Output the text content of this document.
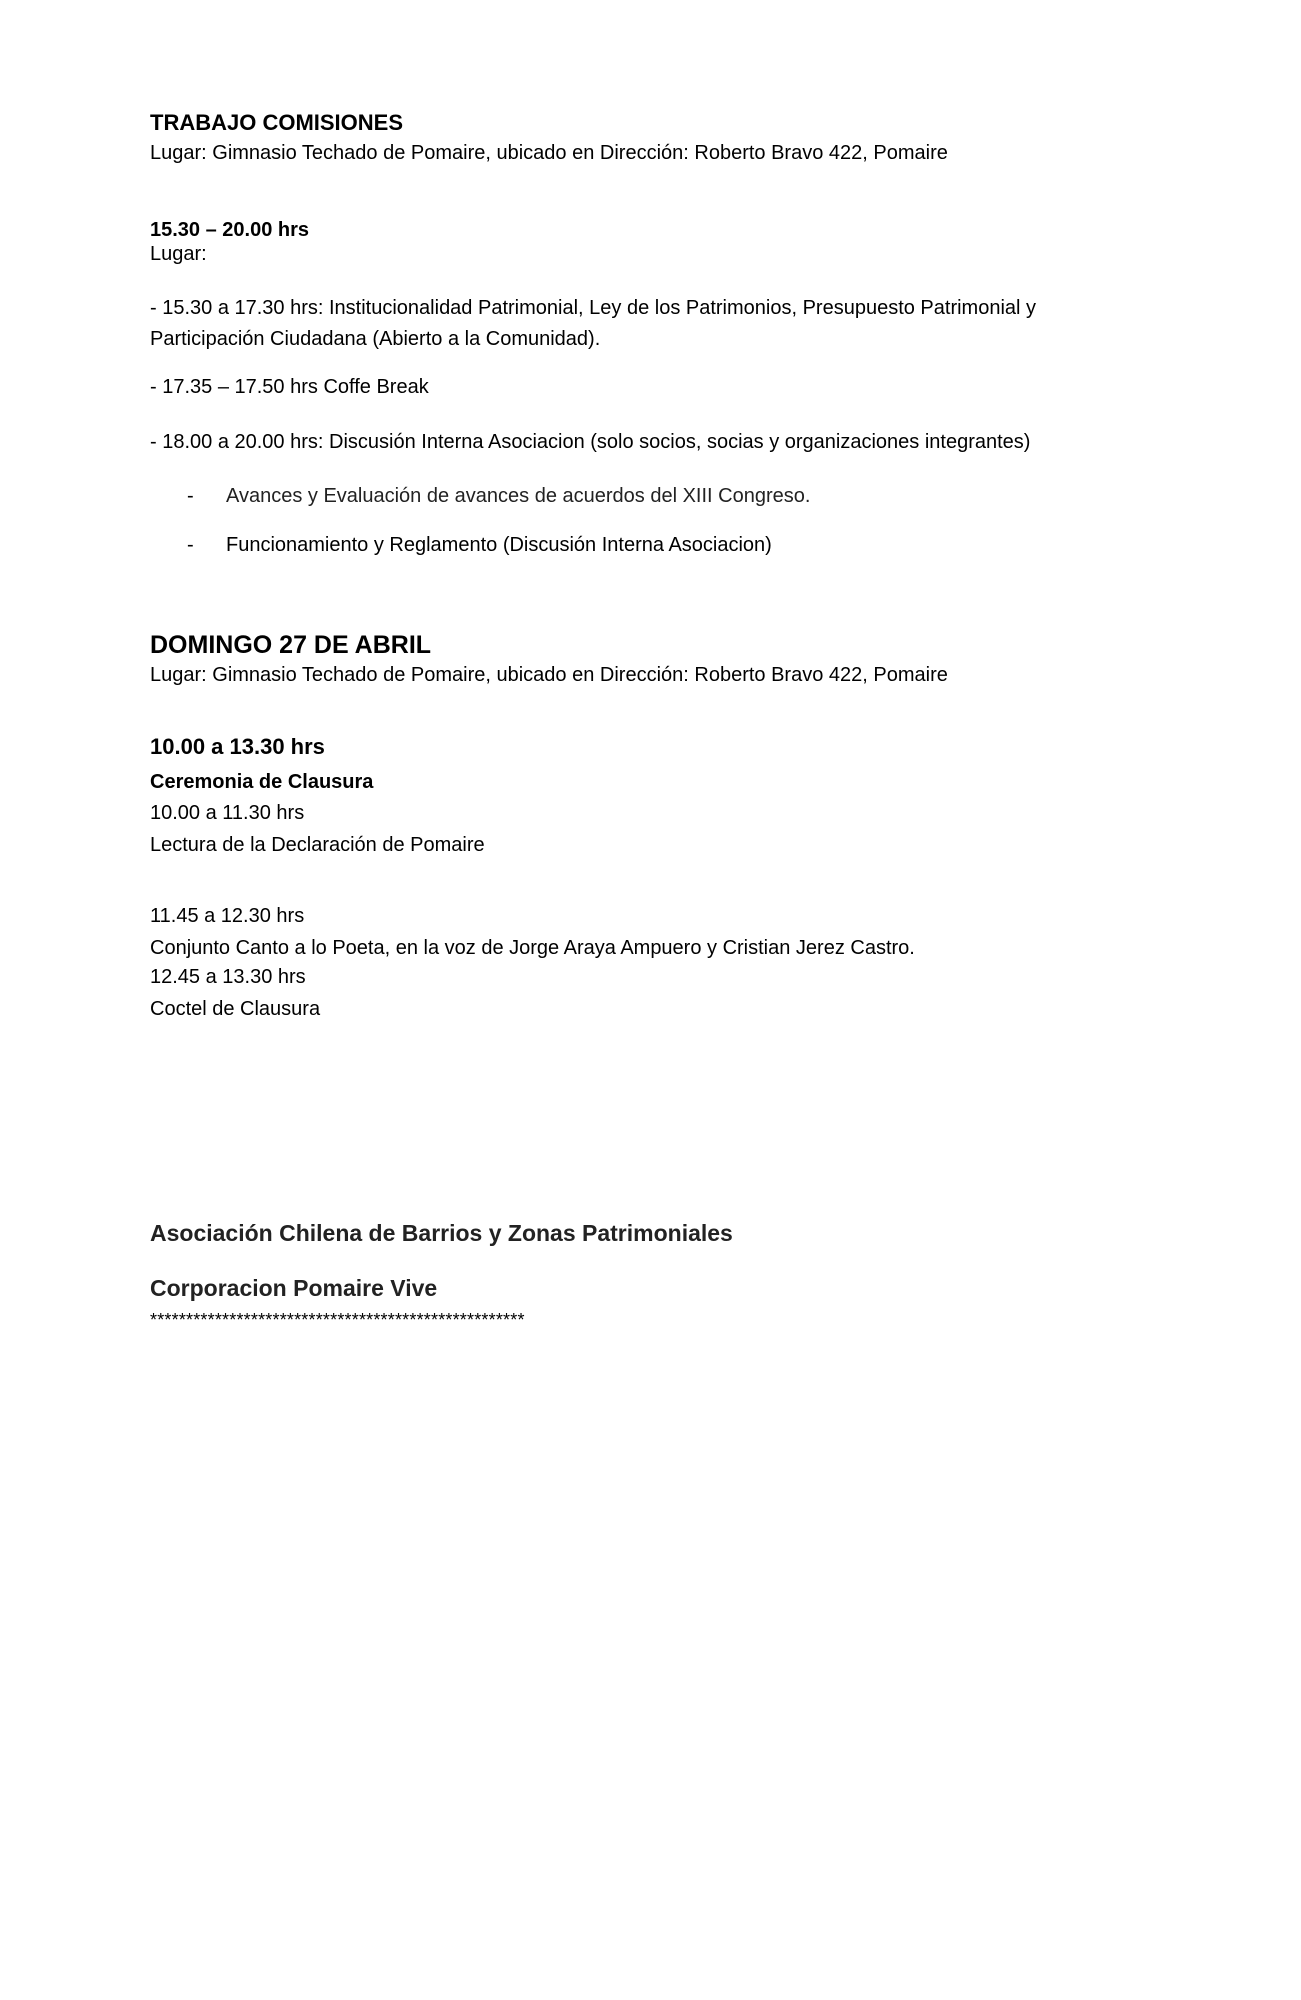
TRABAJO COMISIONES
Lugar: Gimnasio Techado de Pomaire, ubicado en Dirección: Roberto Bravo 422, Pomaire
15.30 – 20.00 hrs
Lugar:
- 15.30 a 17.30 hrs: Institucionalidad Patrimonial, Ley de los Patrimonios, Presupuesto Patrimonial y Participación Ciudadana (Abierto a la Comunidad).
- 17.35 – 17.50 hrs Coffe Break
- 18.00 a 20.00 hrs: Discusión Interna Asociacion (solo socios, socias y organizaciones integrantes)
- Avances y Evaluación de avances de acuerdos del XIII Congreso.
- Funcionamiento y Reglamento (Discusión Interna Asociacion)
DOMINGO 27 DE ABRIL
Lugar: Gimnasio Techado de Pomaire, ubicado en Dirección: Roberto Bravo 422, Pomaire
10.00 a 13.30 hrs
Ceremonia de Clausura
10.00 a 11.30 hrs
Lectura de la Declaración de Pomaire
11.45 a 12.30 hrs
Conjunto Canto a lo Poeta, en la voz de Jorge Araya Ampuero y Cristian Jerez Castro.
12.45 a 13.30 hrs
Coctel de Clausura
Asociación Chilena de Barrios y Zonas Patrimoniales
Corporacion Pomaire Vive
****************************************************
